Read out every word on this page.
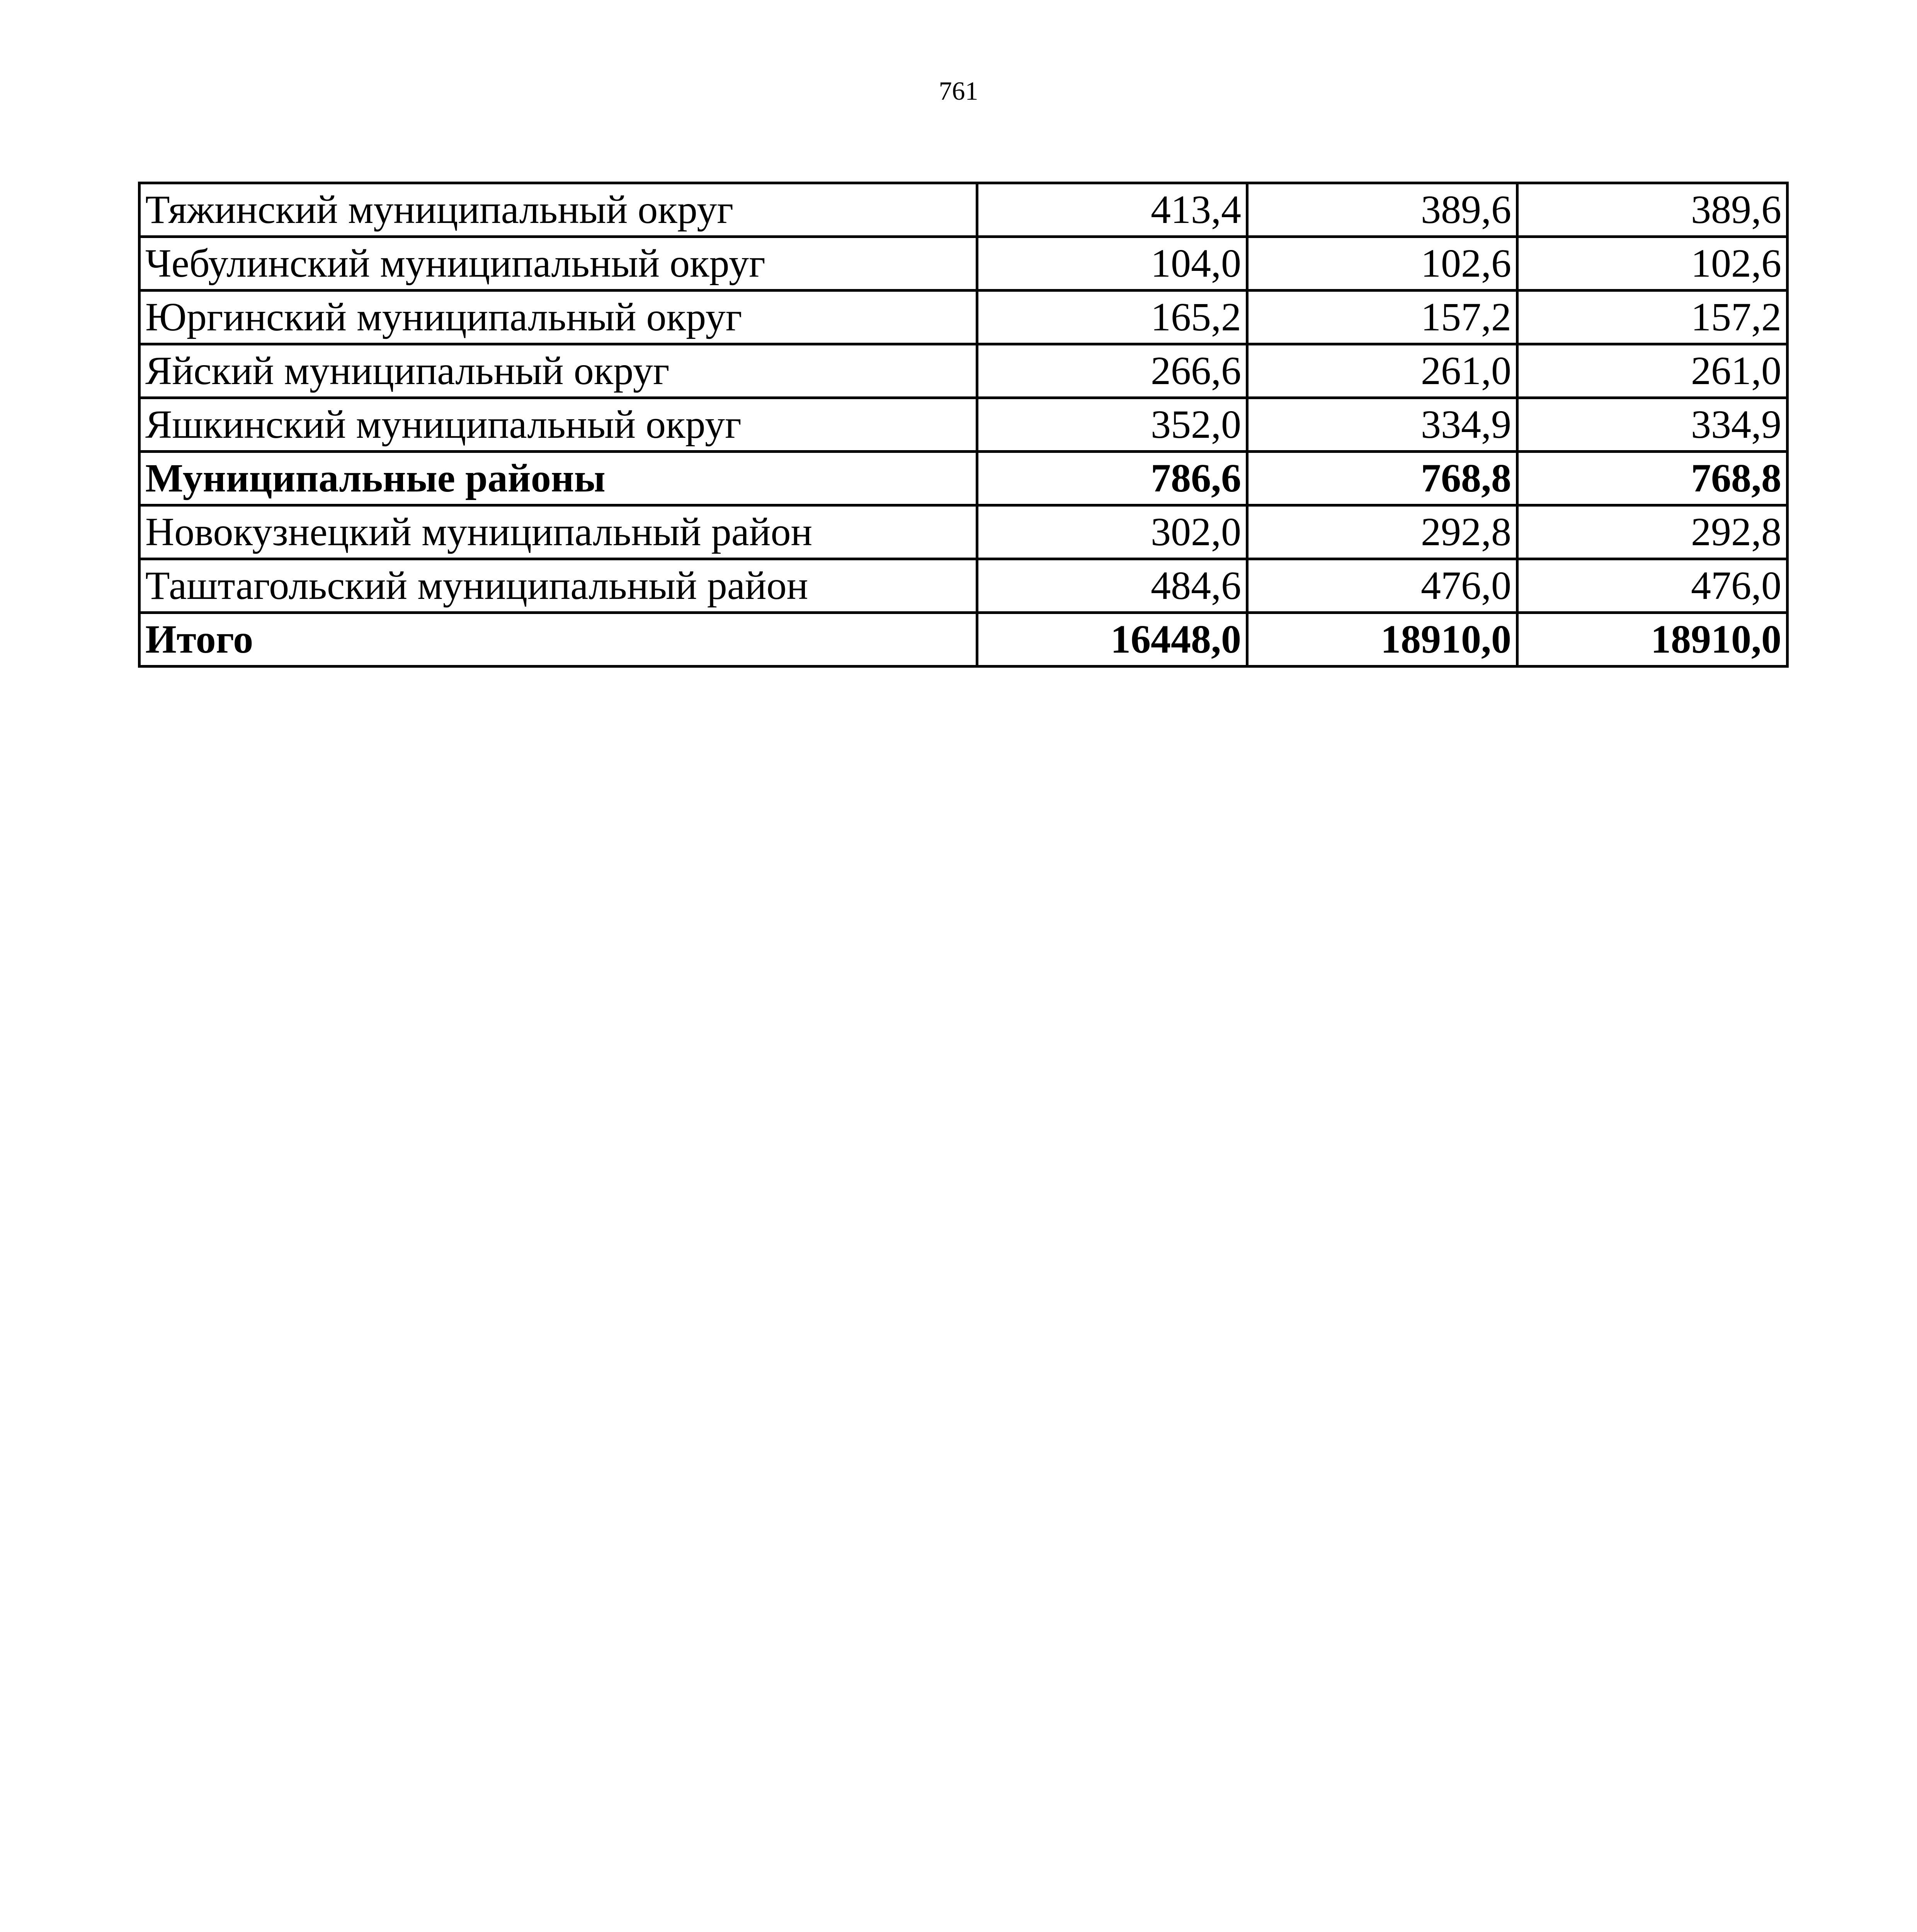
761
Тяжинский муниципальный округ	413,4	389,6	389,6
Чебулинский муниципальный округ	104,0	102,6	102,6
Юргинский муниципальный округ	165,2	157,2	157,2
Яйский муниципальный округ	266,6	261,0	261,0
Яшкинский муниципальный округ	352,0	334,9	334,9
Муниципальные районы	786,6	768,8	768,8
Новокузнецкий муниципальный район	302,0	292,8	292,8
Таштагольский муниципальный район	484,6	476,0	476,0
Итого	16448,0	18910,0	18910,0
